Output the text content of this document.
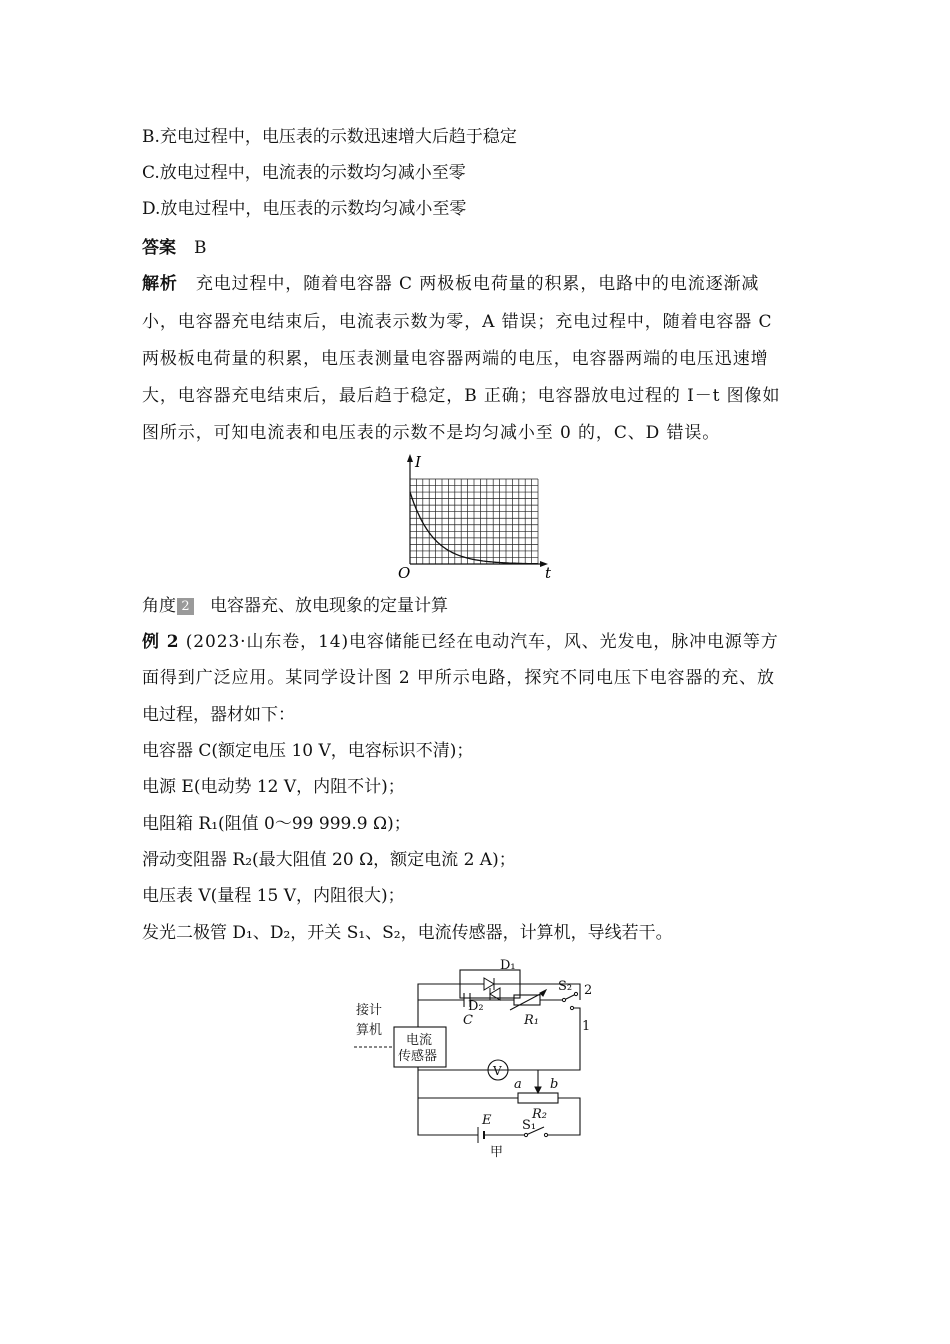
B.充电过程中，电压表的示数迅速增大后趋于稳定
C.放电过程中，电流表的示数均匀减小至零
D.放电过程中，电压表的示数均匀减小至零
答案 B
解析 充电过程中，随着电容器 C 两极板电荷量的积累，电路中的电流逐渐减
小，电容器充电结束后，电流表示数为零，A 错误；充电过程中，随着电容器 C
两极板电荷量的积累，电压表测量电容器两端的电压，电容器两端的电压迅速增
大，电容器充电结束后，最后趋于稳定，B 正确；电容器放电过程的 I－t 图像如
图所示，可知电流表和电压表的示数不是均匀减小至 0 的，C、D 错误。
I
t
O
角度 2 电容器充、放电现象的定量计算
例 2 (2023·山东卷，14)电容储能已经在电动汽车，风、光发电，脉冲电源等方
面得到广泛应用。某同学设计图 2 甲所示电路，探究不同电压下电容器的充、放
电过程，器材如下：
电容器 C(额定电压 10 V，电容标识不清)；
电源 E(电动势 12 V，内阻不计)；
电阻箱 R₁(阻值 0～99 999.9 Ω)；
滑动变阻器 R₂(最大阻值 20 Ω，额定电流 2 A)；
电压表 V(量程 15 V，内阻很大)；
发光二极管 D₁、D₂，开关 S₁、S₂，电流传感器，计算机，导线若干。
D₁
D₂
S₂ 2
1
接计
算机
电流
传感器
C	R₁
V
a b
R₂
E S₁
甲
